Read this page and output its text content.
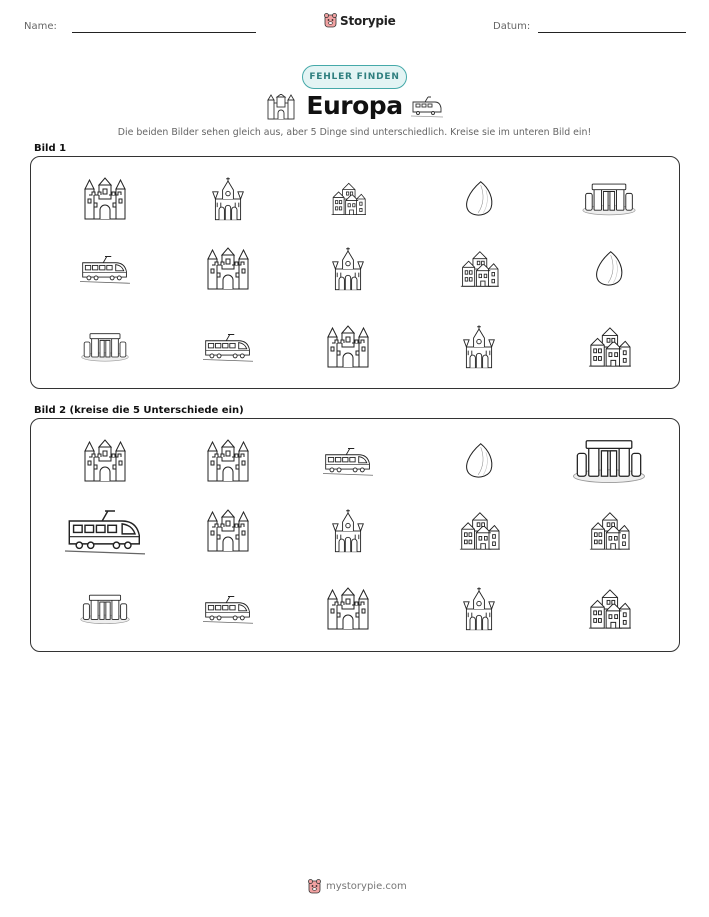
Name:	Storypie	Datum:
FEHLER FINDEN
Europa
Die beiden Bilder sehen gleich aus, aber 5 Dinge sind unterschiedlich. Kreise sie im unteren Bild ein!
Bild 1
Bild 2 (kreise die 5 Unterschiede ein)
mystorypie.com
